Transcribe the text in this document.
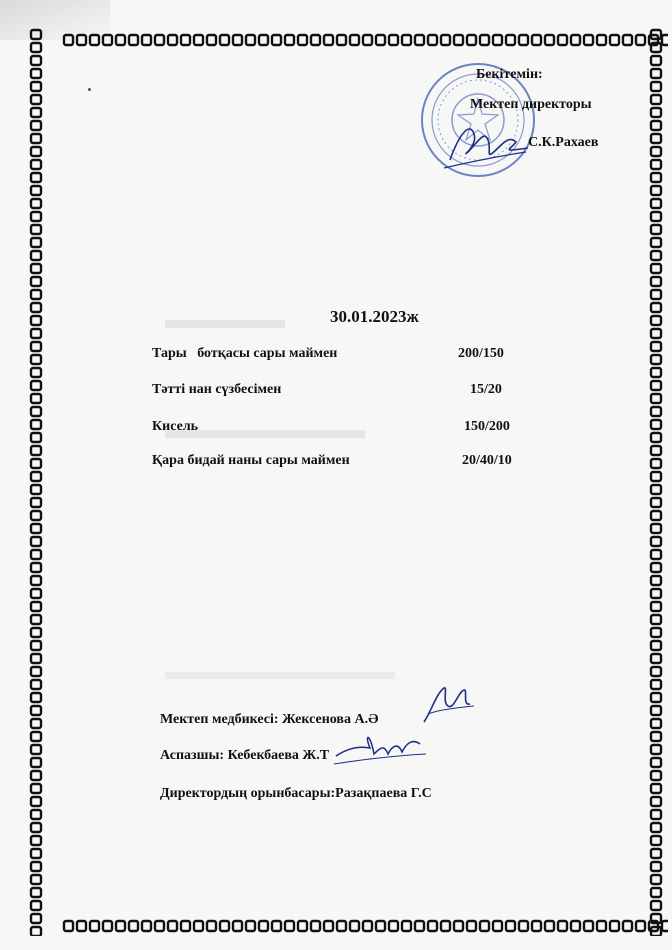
Бекітемін:
Мектеп директоры
С.К.Рахаев
30.01.2023ж
Тары   ботқасы сары маймен	200/150
Тәтті нан сүзбесімен	15/20
Кисель	150/200
Қара бидай наны сары маймен	20/40/10
Мектеп медбикесі: Жексенова А.Ә
Аспазшы: Кебекбаева Ж.Т
Директордың орынбасары:Разақпаева Г.С
